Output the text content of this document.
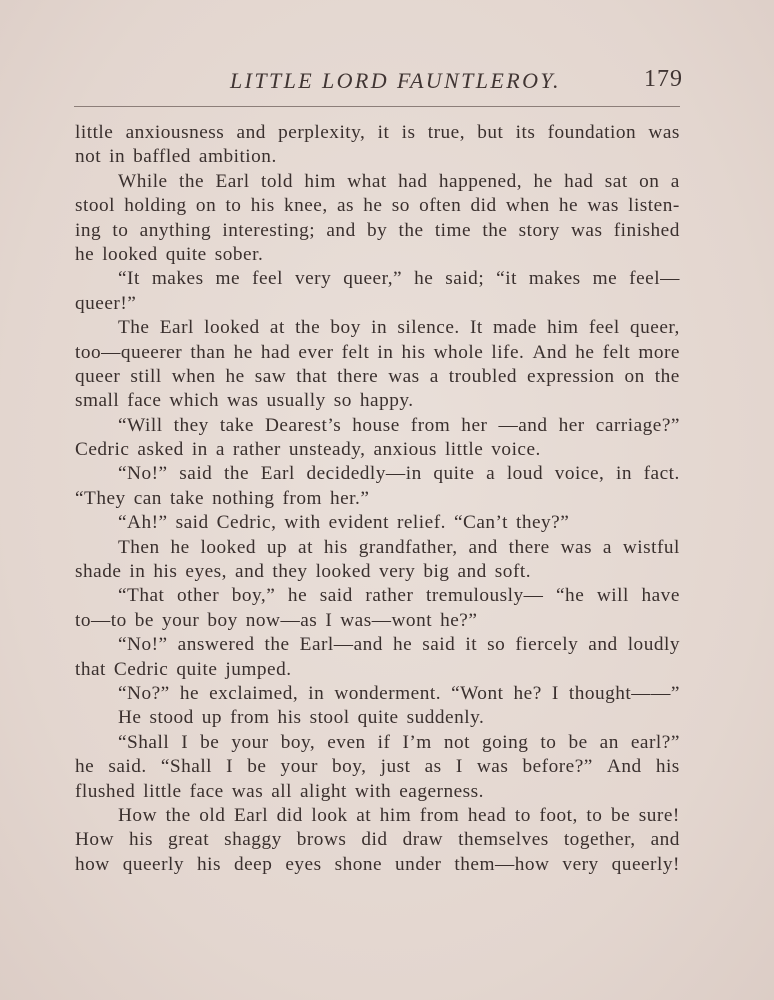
LITTLE LORD FAUNTLEROY.	179
little anxiousness and perplexity, it is true, but its foundation was
not in baffled ambition.
While the Earl told him what had happened, he had sat on a
stool holding on to his knee, as he so often did when he was listen-
ing to anything interesting; and by the time the story was finished
he looked quite sober.
“It makes me feel very queer,” he said; “it makes me feel—
queer!”
The Earl looked at the boy in silence. It made him feel queer,
too—queerer than he had ever felt in his whole life. And he felt more
queer still when he saw that there was a troubled expression on the
small face which was usually so happy.
“Will they take Dearest’s house from her —and her carriage?”
Cedric asked in a rather unsteady, anxious little voice.
“No!” said the Earl decidedly—in quite a loud voice, in fact.
“They can take nothing from her.”
“Ah!” said Cedric, with evident relief. “Can’t they?”
Then he looked up at his grandfather, and there was a wistful
shade in his eyes, and they looked very big and soft.
“That other boy,” he said rather tremulously— “he will have
to—to be your boy now—as I was—wont he?”
“No!” answered the Earl—and he said it so fiercely and loudly
that Cedric quite jumped.
“No?” he exclaimed, in wonderment. “Wont he? I thought——”
He stood up from his stool quite suddenly.
“Shall I be your boy, even if I’m not going to be an earl?”
he said. “Shall I be your boy, just as I was before?” And his
flushed little face was all alight with eagerness.
How the old Earl did look at him from head to foot, to be sure!
How his great shaggy brows did draw themselves together, and
how queerly his deep eyes shone under them—how very queerly!
